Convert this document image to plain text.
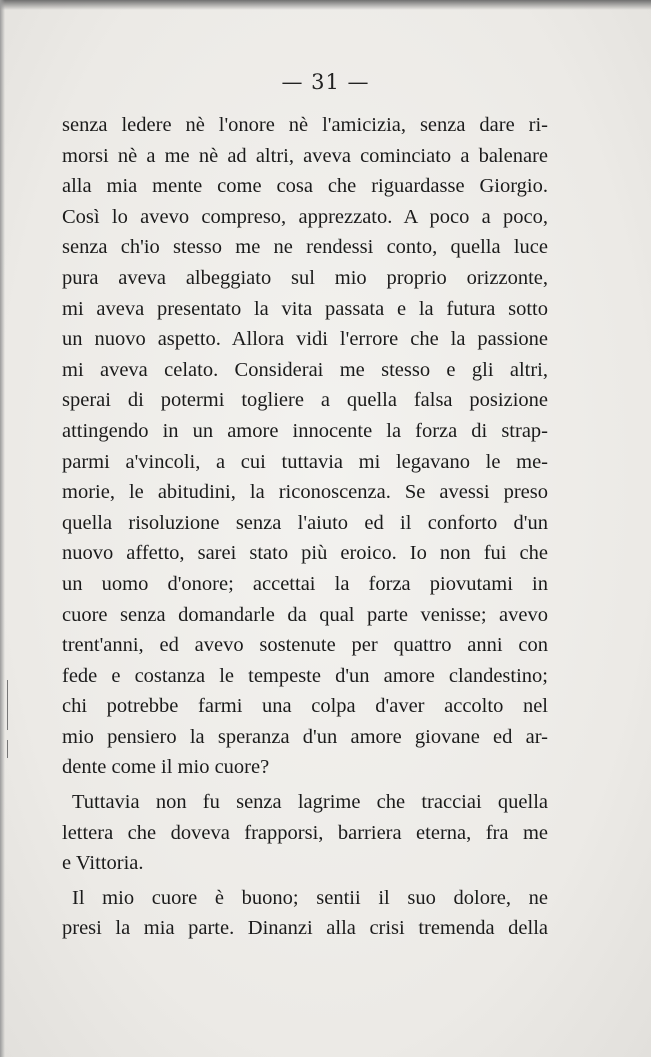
— 31 —
senza ledere nè l'onore nè l'amicizia, senza dare ri-
morsi nè a me nè ad altri, aveva cominciato a balenare
alla mia mente come cosa che riguardasse Giorgio.
Così lo avevo compreso, apprezzato. A poco a poco,
senza ch'io stesso me ne rendessi conto, quella luce
pura aveva albeggiato sul mio proprio orizzonte,
mi aveva presentato la vita passata e la futura sotto
un nuovo aspetto. Allora vidi l'errore che la passione
mi aveva celato. Considerai me stesso e gli altri,
sperai di potermi togliere a quella falsa posizione
attingendo in un amore innocente la forza di strap-
parmi a'vincoli, a cui tuttavia mi legavano le me-
morie, le abitudini, la riconoscenza. Se avessi preso
quella risoluzione senza l'aiuto ed il conforto d'un
nuovo affetto, sarei stato più eroico. Io non fui che
un uomo d'onore; accettai la forza piovutami in
cuore senza domandarle da qual parte venisse; avevo
trent'anni, ed avevo sostenute per quattro anni con
fede e costanza le tempeste d'un amore clandestino;
chi potrebbe farmi una colpa d'aver accolto nel
mio pensiero la speranza d'un amore giovane ed ar-
dente come il mio cuore?
Tuttavia non fu senza lagrime che tracciai quella
lettera che doveva frapporsi, barriera eterna, fra me
e Vittoria.
Il mio cuore è buono; sentii il suo dolore, ne
presi la mia parte. Dinanzi alla crisi tremenda della
